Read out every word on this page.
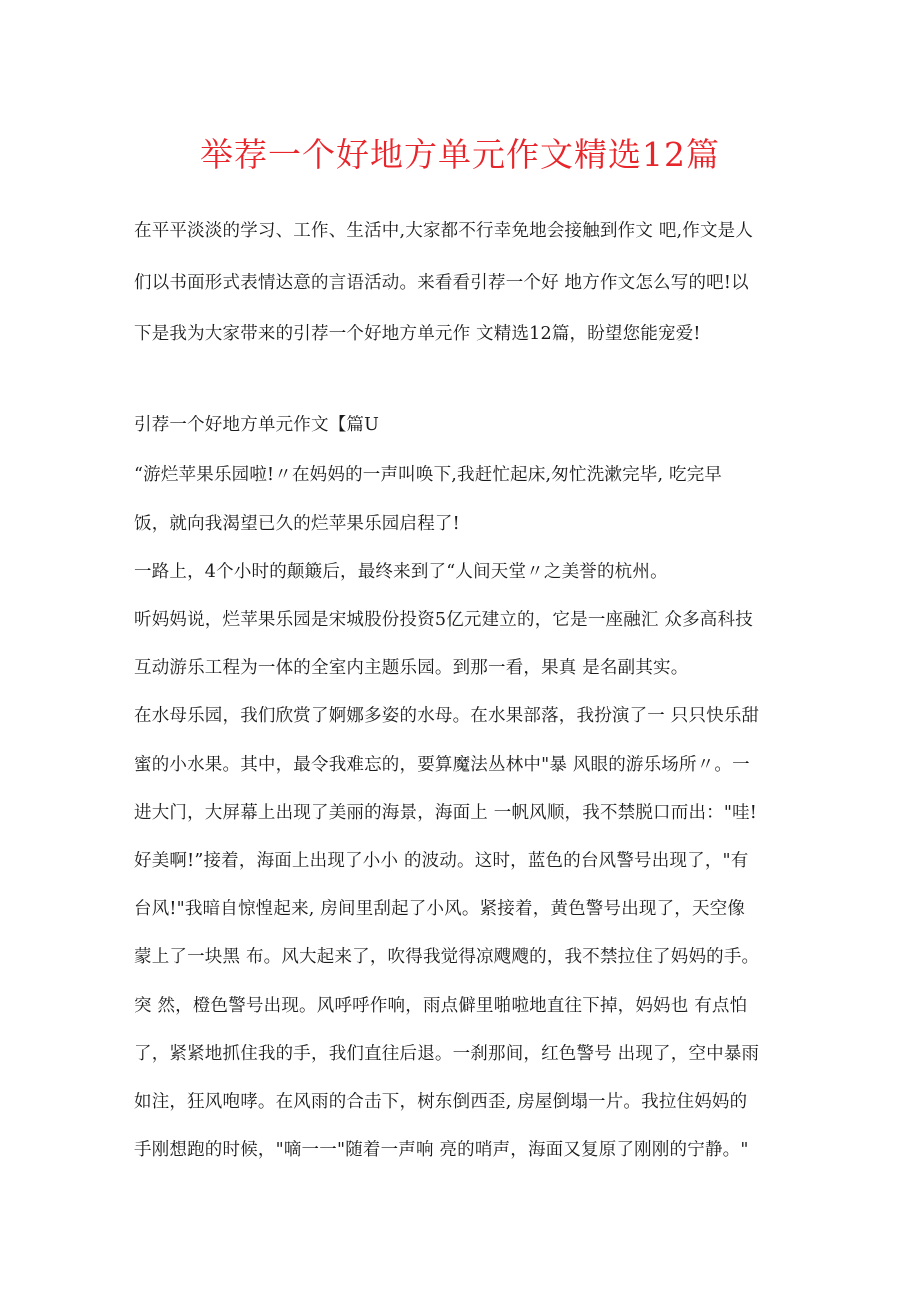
举荐一个好地方单元作文精选12篇
在平平淡淡的学习、工作、生活中,大家都不行幸免地会接触到作文 吧,作文是人
们以书面形式表情达意的言语活动。来看看引荐一个好 地方作文怎么写的吧!以
下是我为大家带来的引荐一个好地方单元作 文精选12篇，盼望您能宠爱!
引荐一个好地方单元作文【篇U
“游烂苹果乐园啦!〃在妈妈的一声叫唤下,我赶忙起床,匆忙洗漱完毕, 吃完早
饭，就向我渴望已久的烂苹果乐园启程了!
一路上，4个小时的颠簸后，最终来到了“人间天堂〃之美誉的杭州。
听妈妈说，烂苹果乐园是宋城股份投资5亿元建立的，它是一座融汇 众多高科技
互动游乐工程为一体的全室内主题乐园。到那一看，果真 是名副其实。
在水母乐园，我们欣赏了婀娜多姿的水母。在水果部落，我扮演了一 只只快乐甜
蜜的小水果。其中，最令我难忘的，要算魔法丛林中"暴 风眼的游乐场所〃。一
进大门，大屏幕上出现了美丽的海景，海面上 一帆风顺，我不禁脱口而出："哇!
好美啊!”接着，海面上出现了小小 的波动。这时，蓝色的台风警号出现了，"有
台风!"我暗自惊惶起来, 房间里刮起了小风。紧接着，黄色警号出现了，天空像
蒙上了一块黑 布。风大起来了，吹得我觉得凉飕飕的，我不禁拉住了妈妈的手。
突 然，橙色警号出现。风呼呼作响，雨点僻里啪啦地直往下掉，妈妈也 有点怕
了，紧紧地抓住我的手，我们直往后退。一刹那间，红色警号 出现了，空中暴雨
如注，狂风咆哮。在风雨的合击下，树东倒西歪, 房屋倒塌一片。我拉住妈妈的
手刚想跑的时候，"嘀一一"随着一声响 亮的哨声，海面又复原了刚刚的宁静。"
